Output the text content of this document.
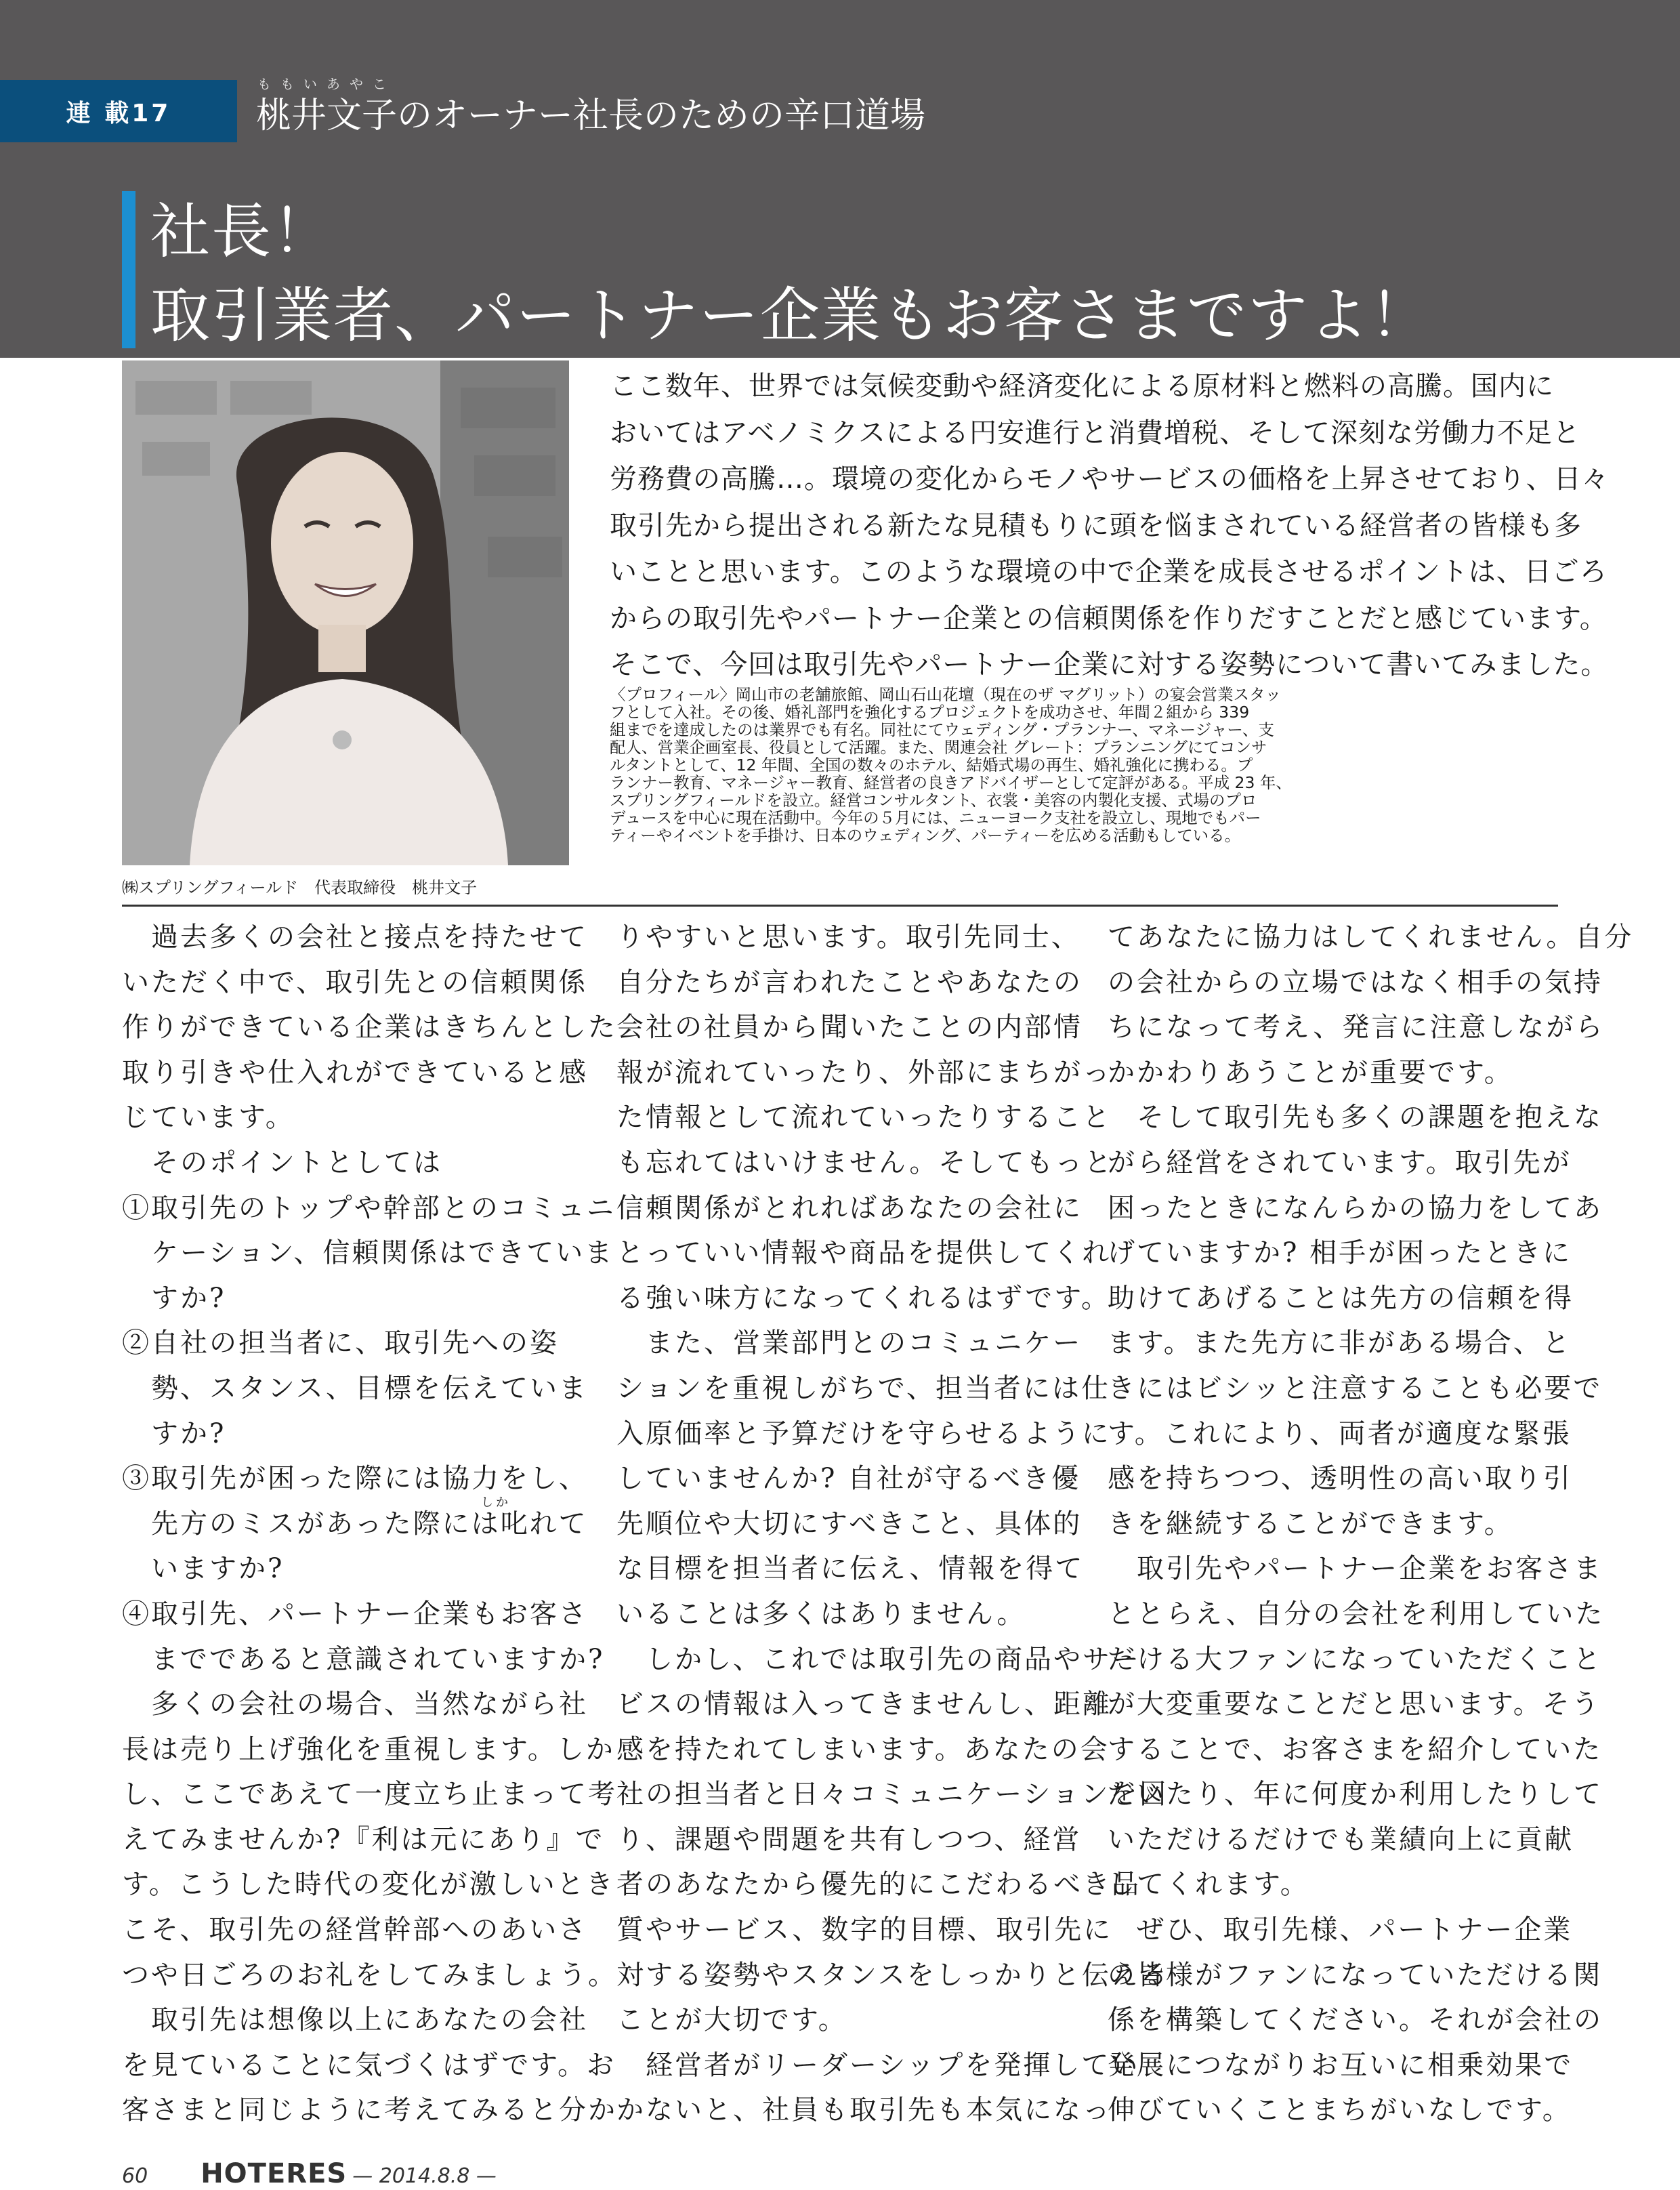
連 載17
ももいあやこ
桃井文子のオーナー社長のための辛口道場
社長！
取引業者、パートナー企業もお客さまですよ！
㈱スプリングフィールド　代表取締役　桃井文子
ここ数年、世界では気候変動や経済変化による原材料と燃料の高騰。国内に
おいてはアベノミクスによる円安進行と消費増税、そして深刻な労働力不足と
労務費の高騰…。環境の変化からモノやサービスの価格を上昇させており、日々
取引先から提出される新たな見積もりに頭を悩まされている経営者の皆様も多
いことと思います。このような環境の中で企業を成長させるポイントは、日ごろ
からの取引先やパートナー企業との信頼関係を作りだすことだと感じています。
そこで、今回は取引先やパートナー企業に対する姿勢について書いてみました。
〈プロフィール〉岡山市の老舗旅館、岡山石山花壇（現在のザ マグリット）の宴会営業スタッ
フとして入社。その後、婚礼部門を強化するプロジェクトを成功させ、年間２組から 339
組までを達成したのは業界でも有名。同社にてウェディング・プランナー、マネージャー、支
配人、営業企画室長、役員として活躍。また、関連会社 グレート：プランニングにてコンサ
ルタントとして、12 年間、全国の数々のホテル、結婚式場の再生、婚礼強化に携わる。プ
ランナー教育、マネージャー教育、経営者の良きアドバイザーとして定評がある。平成 23 年、
スプリングフィールドを設立。経営コンサルタント、衣裳・美容の内製化支援、式場のプロ
デュースを中心に現在活動中。今年の５月には、ニューヨーク支社を設立し、現地でもパー
ティーやイベントを手掛け、日本のウェディング、パーティーを広める活動もしている。
　過去多くの会社と接点を持たせて
いただく中で、取引先との信頼関係
作りができている企業はきちんとした
取り引きや仕入れができていると感
じています。
　そのポイントとしては
①取引先のトップや幹部とのコミュニ
　ケーション、信頼関係はできていま
　すか?
②自社の担当者に、取引先への姿
　勢、スタンス、目標を伝えていま
　すか?
③取引先が困った際には協力をし、
　先方のミスがあった際には叱れて
　いますか?
④取引先、パートナー企業もお客さ
　までであると意識されていますか?
　多くの会社の場合、当然ながら社
長は売り上げ強化を重視します。しか
し、ここであえて一度立ち止まって考
えてみませんか?『利は元にあり』で
す。こうした時代の変化が激しいとき
こそ、取引先の経営幹部へのあいさ
つや日ごろのお礼をしてみましょう。
　取引先は想像以上にあなたの会社
を見ていることに気づくはずです。お
客さまと同じように考えてみると分か
しか
りやすいと思います。取引先同士、
自分たちが言われたことやあなたの
会社の社員から聞いたことの内部情
報が流れていったり、外部にまちがっ
た情報として流れていったりすること
も忘れてはいけません。そしてもっと
信頼関係がとれればあなたの会社に
とっていい情報や商品を提供してくれ
る強い味方になってくれるはずです。
　また、営業部門とのコミュニケー
ションを重視しがちで、担当者には仕
入原価率と予算だけを守らせるように
していませんか? 自社が守るべき優
先順位や大切にすべきこと、具体的
な目標を担当者に伝え、情報を得て
いることは多くはありません。
　しかし、これでは取引先の商品やサー
ビスの情報は入ってきませんし、距離
感を持たれてしまいます。あなたの会
社の担当者と日々コミュニケーションを図
り、課題や問題を共有しつつ、経営
者のあなたから優先的にこだわるべき品
質やサービス、数字的目標、取引先に
対する姿勢やスタンスをしっかりと伝える
ことが大切です。
　経営者がリーダーシップを発揮してい
かないと、社員も取引先も本気になっ
てあなたに協力はしてくれません。自分
の会社からの立場ではなく相手の気持
ちになって考え、発言に注意しながら
かかわりあうことが重要です。
　そして取引先も多くの課題を抱えな
がら経営をされています。取引先が
困ったときになんらかの協力をしてあ
げていますか? 相手が困ったときに
助けてあげることは先方の信頼を得
ます。また先方に非がある場合、と
きにはビシッと注意することも必要で
す。これにより、両者が適度な緊張
感を持ちつつ、透明性の高い取り引
きを継続することができます。
　取引先やパートナー企業をお客さま
ととらえ、自分の会社を利用していた
だける大ファンになっていただくこと
が大変重要なことだと思います。そう
することで、お客さまを紹介していた
だいたり、年に何度か利用したりして
いただけるだけでも業績向上に貢献
してくれます。
　ぜひ、取引先様、パートナー企業
の皆様がファンになっていただける関
係を構築してください。それが会社の
発展につながりお互いに相乗効果で
伸びていくことまちがいなしです。
60 HOTERES — 2014.8.8 —
